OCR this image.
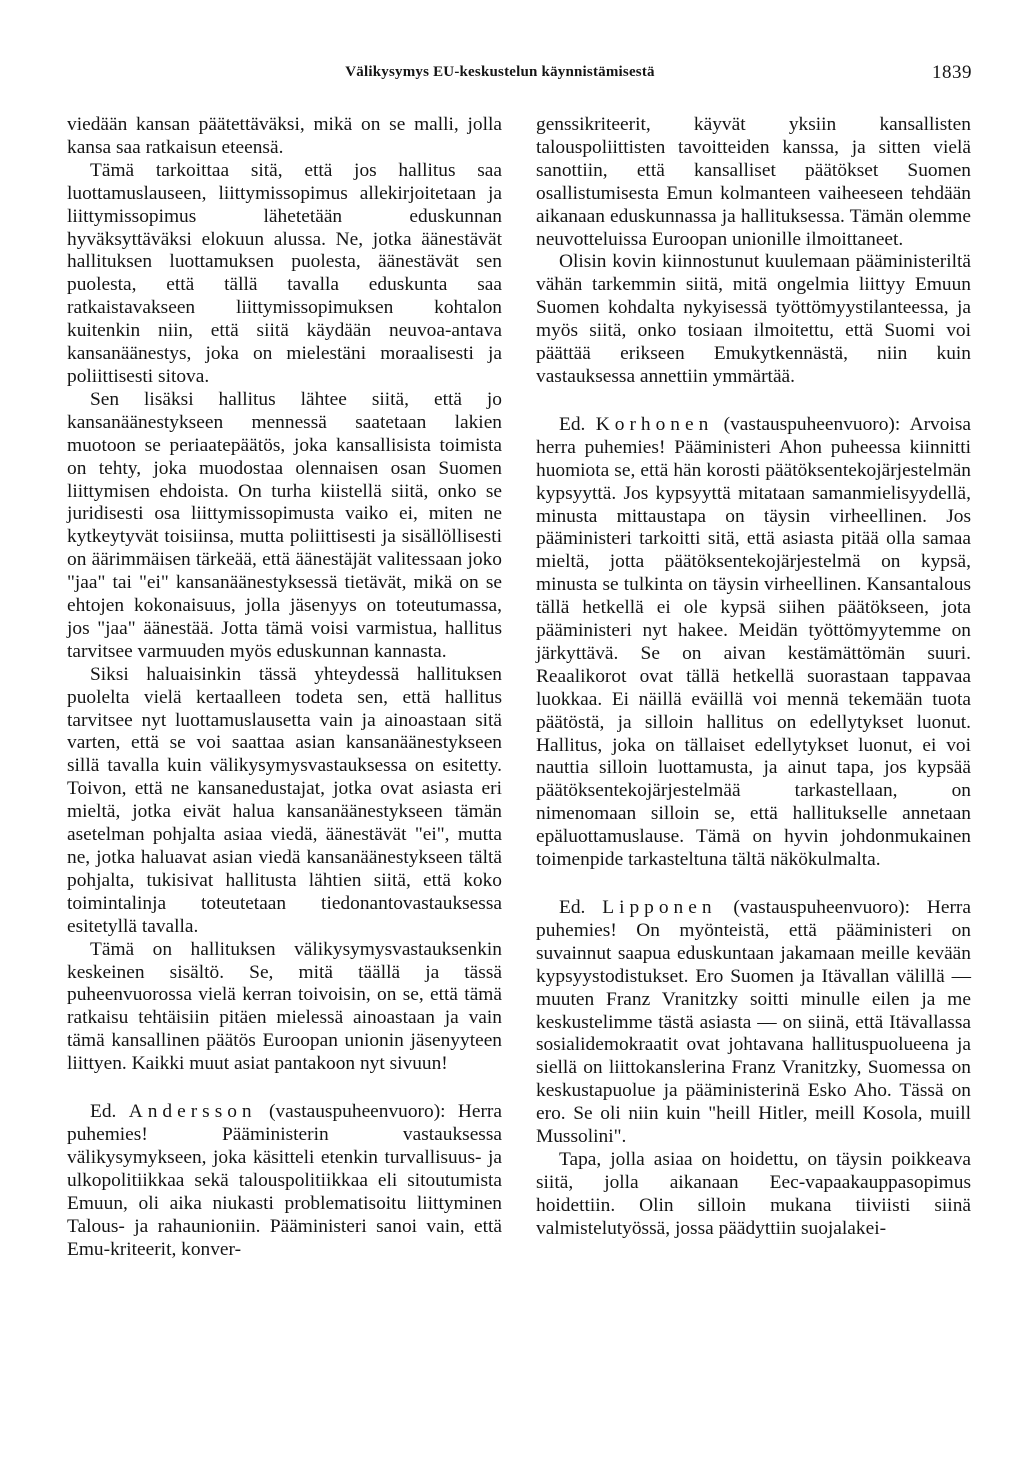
Välikysymys EU-keskustelun käynnistämisestä	1839

viedään kansan päätettäväksi, mikä on se malli, jolla kansa saa ratkaisun eteensä.

Tämä tarkoittaa sitä, että jos hallitus saa luottamuslauseen, liittymissopimus allekirjoitetaan ja liittymissopimus lähetetään eduskunnan hyväksyttäväksi elokuun alussa. Ne, jotka äänestävät hallituksen luottamuksen puolesta, äänestävät sen puolesta, että tällä tavalla eduskunta saa ratkaistavakseen liittymissopimuksen kohtalon kuitenkin niin, että siitä käydään neuvoa-antava kansanäänestys, joka on mielestäni moraalisesti ja poliittisesti sitova.

Sen lisäksi hallitus lähtee siitä, että jo kansanäänestykseen mennessä saatetaan lakien muotoon se periaatepäätös, joka kansallisista toimista on tehty, joka muodostaa olennaisen osan Suomen liittymisen ehdoista. On turha kiistellä siitä, onko se juridisesti osa liittymissopimusta vaiko ei, miten ne kytkeytyvät toisiinsa, mutta poliittisesti ja sisällöllisesti on äärimmäisen tärkeää, että äänestäjät valitessaan joko "jaa" tai "ei" kansanäänestyksessä tietävät, mikä on se ehtojen kokonaisuus, jolla jäsenyys on toteutumassa, jos "jaa" äänestää. Jotta tämä voisi varmistua, hallitus tarvitsee varmuuden myös eduskunnan kannasta.

Siksi haluaisinkin tässä yhteydessä hallituksen puolelta vielä kertaalleen todeta sen, että hallitus tarvitsee nyt luottamuslausetta vain ja ainoastaan sitä varten, että se voi saattaa asian kansanäänestykseen sillä tavalla kuin välikysymysvastauksessa on esitetty. Toivon, että ne kansanedustajat, jotka ovat asiasta eri mieltä, jotka eivät halua kansanäänestykseen tämän asetelman pohjalta asiaa viedä, äänestävät "ei", mutta ne, jotka haluavat asian viedä kansanäänestykseen tältä pohjalta, tukisivat hallitusta lähtien siitä, että koko toimintalinja toteutetaan tiedonantovastauksessa esitetyllä tavalla.

Tämä on hallituksen välikysymysvastauksenkin keskeinen sisältö. Se, mitä täällä ja tässä puheenvuorossa vielä kerran toivoisin, on se, että tämä ratkaisu tehtäisiin pitäen mielessä ainoastaan ja vain tämä kansallinen päätös Euroopan unionin jäsenyyteen liittyen. Kaikki muut asiat pantakoon nyt sivuun!

Ed. Andersson (vastauspuheenvuoro): Herra puhemies! Pääministerin vastauksessa välikysymykseen, joka käsitteli etenkin turvallisuus- ja ulkopolitiikkaa sekä talouspolitiikkaa eli sitoutumista Emuun, oli aika niukasti problematisoitu liittyminen Talous- ja rahaunioniin. Pääministeri sanoi vain, että Emu-kriteerit, konver-

genssikriteerit, käyvät yksiin kansallisten talouspoliittisten tavoitteiden kanssa, ja sitten vielä sanottiin, että kansalliset päätökset Suomen osallistumisesta Emun kolmanteen vaiheeseen tehdään aikanaan eduskunnassa ja hallituksessa. Tämän olemme neuvotteluissa Euroopan unionille ilmoittaneet.

Olisin kovin kiinnostunut kuulemaan pääministeriltä vähän tarkemmin siitä, mitä ongelmia liittyy Emuun Suomen kohdalta nykyisessä työttömyystilanteessa, ja myös siitä, onko tosiaan ilmoitettu, että Suomi voi päättää erikseen Emukytkennästä, niin kuin vastauksessa annettiin ymmärtää.

Ed. Korhonen (vastauspuheenvuoro): Arvoisa herra puhemies! Pääministeri Ahon puheessa kiinnitti huomiota se, että hän korosti päätöksentekojärjestelmän kypsyyttä. Jos kypsyyttä mitataan samanmielisyydellä, minusta mittaustapa on täysin virheellinen. Jos pääministeri tarkoitti sitä, että asiasta pitää olla samaa mieltä, jotta päätöksentekojärjestelmä on kypsä, minusta se tulkinta on täysin virheellinen. Kansantalous tällä hetkellä ei ole kypsä siihen päätökseen, jota pääministeri nyt hakee. Meidän työttömyytemme on järkyttävä. Se on aivan kestämättömän suuri. Reaalikorot ovat tällä hetkellä suorastaan tappavaa luokkaa. Ei näillä eväillä voi mennä tekemään tuota päätöstä, ja silloin hallitus on edellytykset luonut. Hallitus, joka on tällaiset edellytykset luonut, ei voi nauttia silloin luottamusta, ja ainut tapa, jos kypsää päätöksentekojärjestelmää tarkastellaan, on nimenomaan silloin se, että hallitukselle annetaan epäluottamuslause. Tämä on hyvin johdonmukainen toimenpide tarkasteltuna tältä näkökulmalta.

Ed. Lipponen (vastauspuheenvuoro): Herra puhemies! On myönteistä, että pääministeri on suvainnut saapua eduskuntaan jakamaan meille kevään kypsyystodistukset. Ero Suomen ja Itävallan välillä — muuten Franz Vranitzky soitti minulle eilen ja me keskustelimme tästä asiasta — on siinä, että Itävallassa sosialidemokraatit ovat johtavana hallituspuolueena ja siellä on liittokanslerina Franz Vranitzky, Suomessa on keskustapuolue ja pääministerinä Esko Aho. Tässä on ero. Se oli niin kuin "heill Hitler, meill Kosola, muill Mussolini".

Tapa, jolla asiaa on hoidettu, on täysin poikkeava siitä, jolla aikanaan Eec-vapaakauppasopimus hoidettiin. Olin silloin mukana tiiviisti siinä valmistelutyössä, jossa päädyttiin suojalakei-
